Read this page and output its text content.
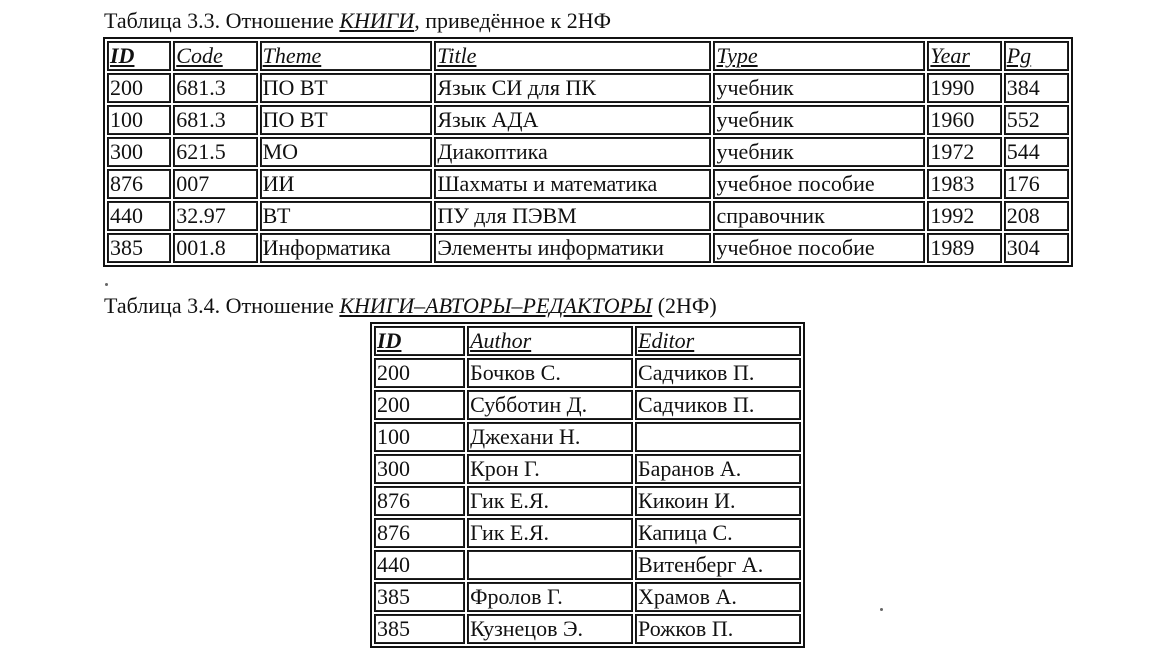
Таблица 3.3. Отношение КНИГИ, приведённое к 2НФ
ID	Code	Theme	Title	Type	Year	Pg
200	681.3	ПО ВТ	Язык СИ для ПК	учебник	1990	384
100	681.3	ПО ВТ	Язык АДА	учебник	1960	552
300	621.5	МО	Диакоптика	учебник	1972	544
876	007	ИИ	Шахматы и математика	учебное пособие	1983	176
440	32.97	ВТ	ПУ для ПЭВМ	справочник	1992	208
385	001.8	Информатика	Элементы информатики	учебное пособие	1989	304
Таблица 3.4. Отношение КНИГИ–АВТОРЫ–РЕДАКТОРЫ (2НФ)
ID	Author	Editor
200	Бочков С.	Садчиков П.
200	Субботин Д.	Садчиков П.
100	Джехани Н.	
300	Крон Г.	Баранов А.
876	Гик Е.Я.	Кикоин И.
876	Гик Е.Я.	Капица С.
440		Витенберг А.
385	Фролов Г.	Храмов А.
385	Кузнецов Э.	Рожков П.
